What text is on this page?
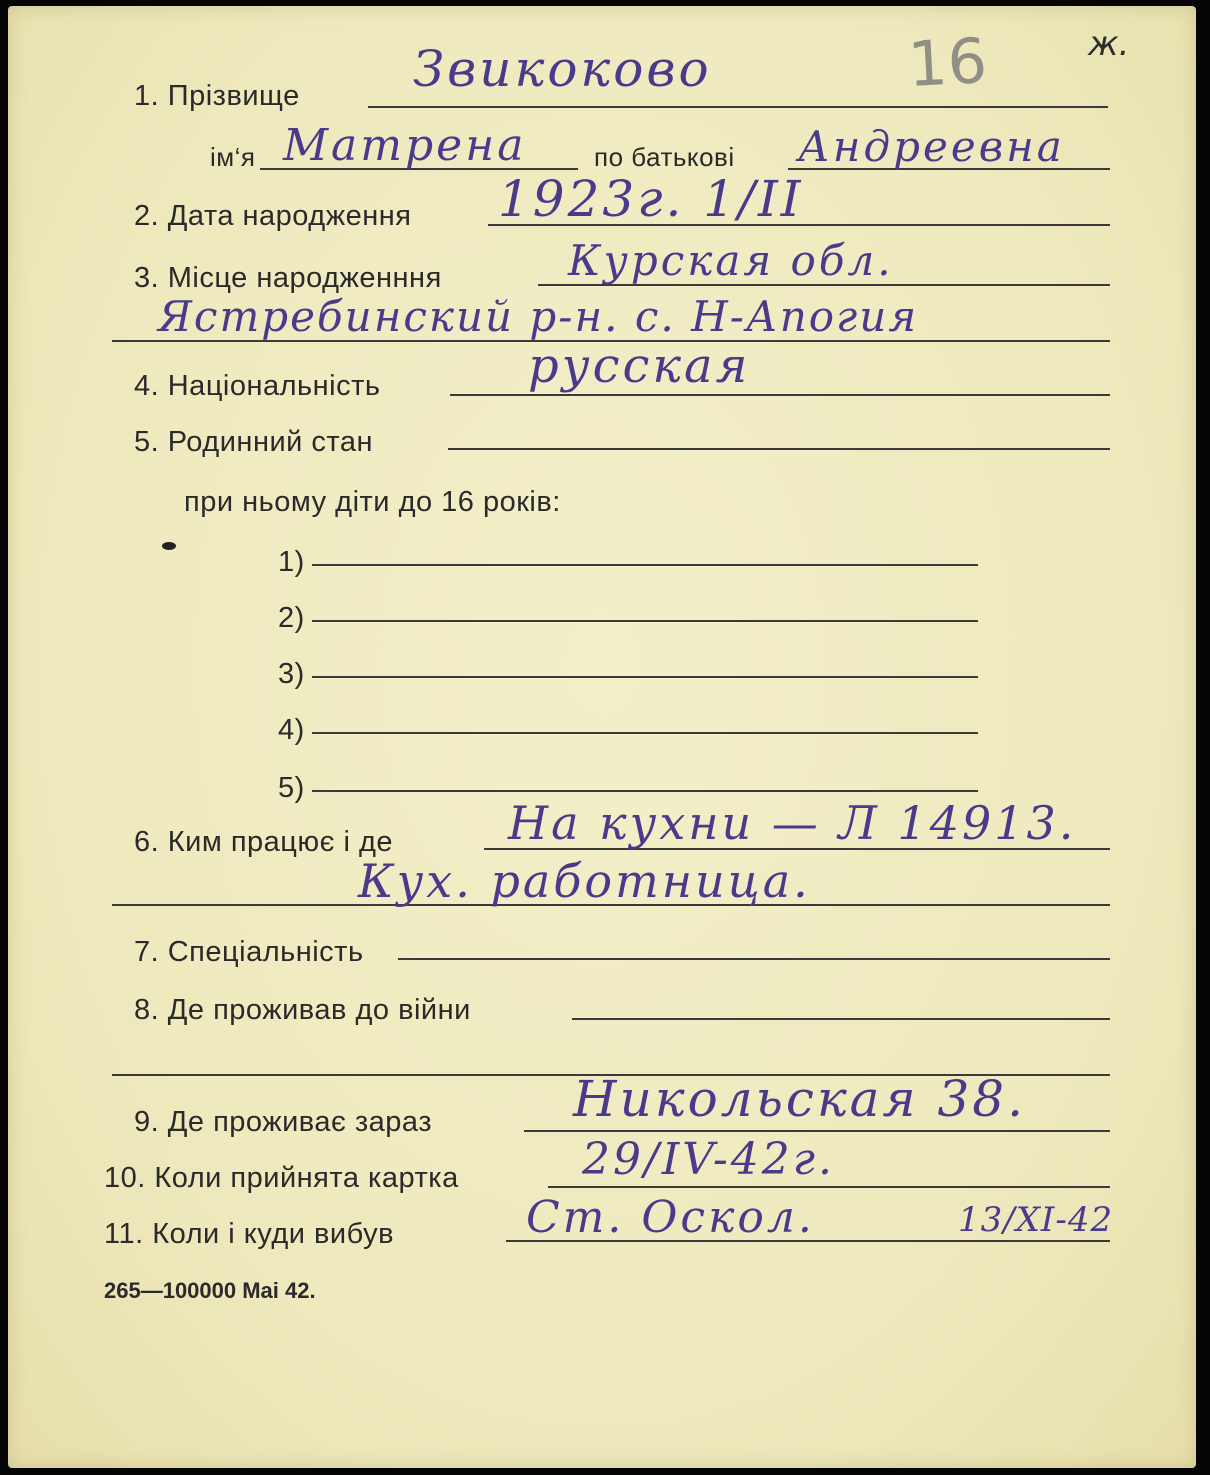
16	ж.
1. Прізвище Звикоково
ім‘я Матрена	по батькові Андреевна
2. Дата народження 1923г. 1/II
3. Місце народженння	Курская обл.
Ястребинский р-н. с. Н-Апогия
4. Національність	русская
5. Родинний стан
при ньому діти до 16 років:
1)
2)
3)
4)
5)
6. Ким працює і де На кухни — Л 14913.
Кух. работница.
7. Спеціальність
8. Де проживав до війни
9. Де проживає зараз	Никольская 38.
10. Коли прийнята картка	29/IV-42г.
11. Коли і куди вибув	Ст. Оскол.	13/XI-42
265—100000 Mai 42.
